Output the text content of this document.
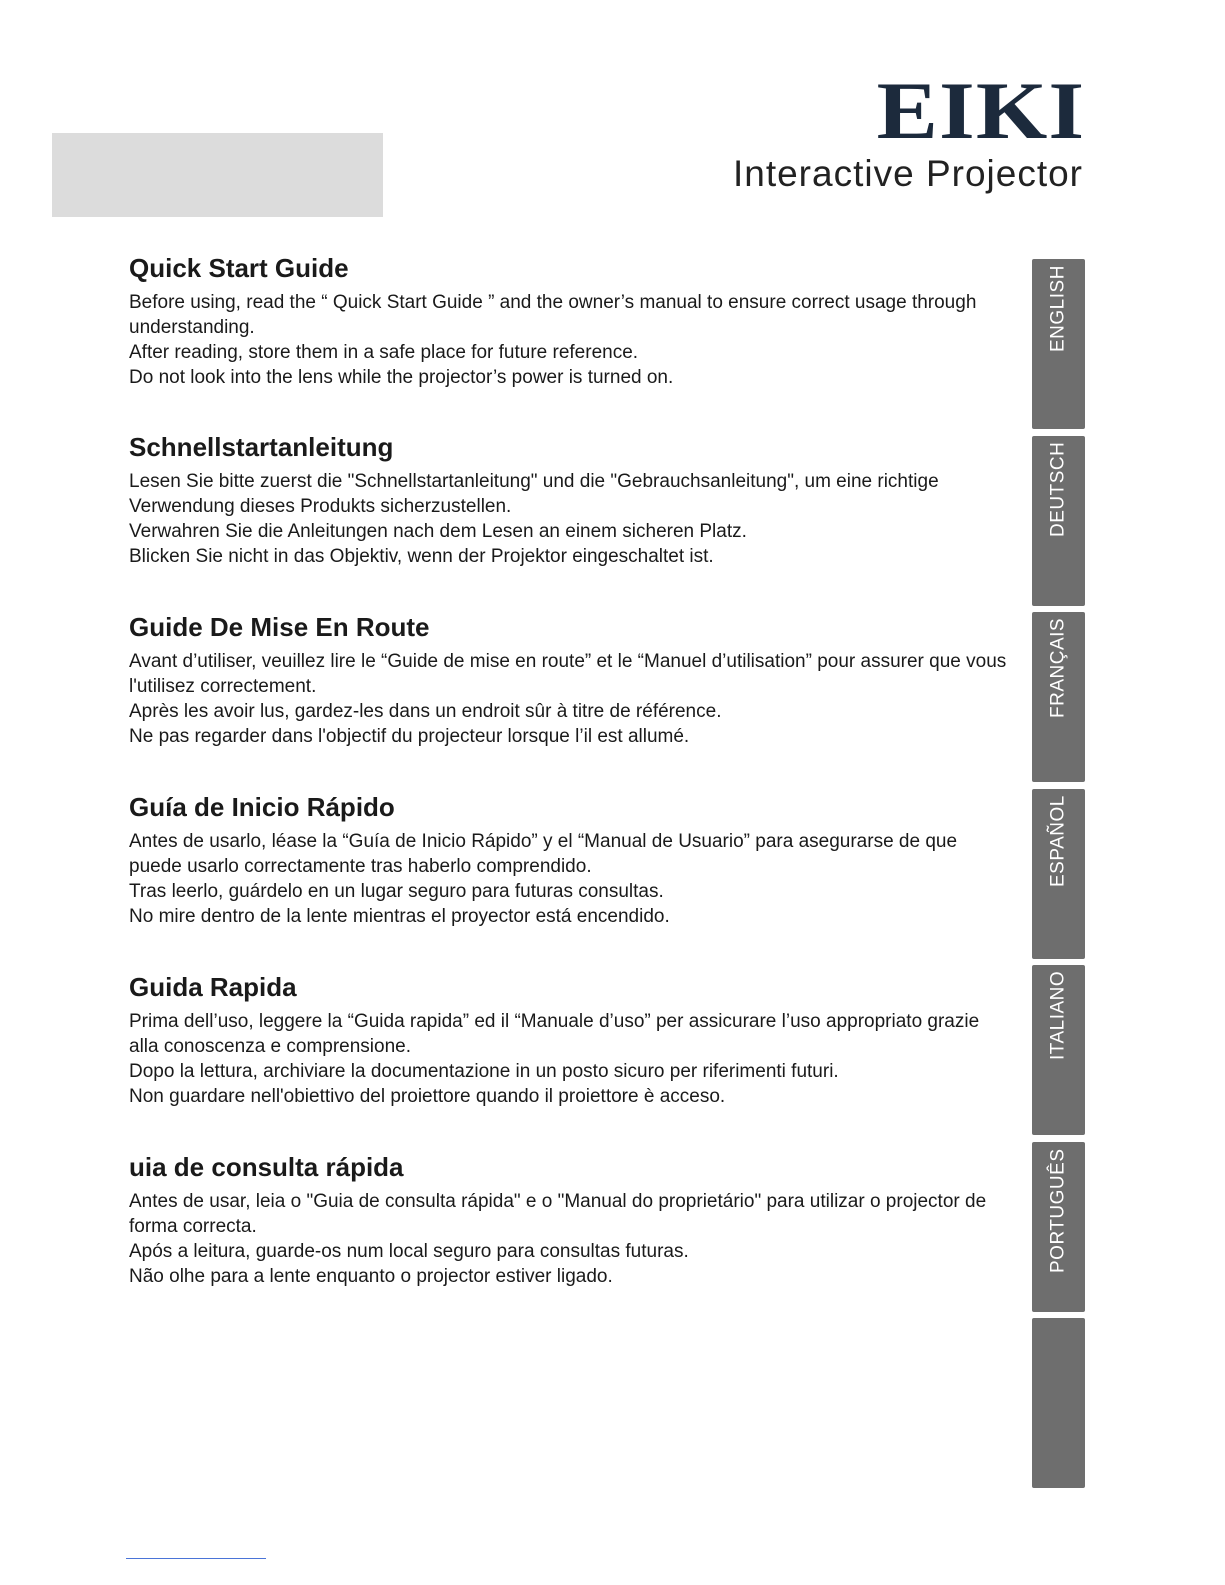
EIKI
Interactive Projector
Quick Start Guide

Before using, read the “ Quick Start Guide ” and the owner’s manual to ensure correct usage through understanding.

After reading, store them in a safe place for future reference.

Do not look into the lens while the projector’s power is turned on.

Schnellstartanleitung

Lesen Sie bitte zuerst die "Schnellstartanleitung" und die "Gebrauchsanleitung", um eine richtige Verwendung dieses Produkts sicherzustellen.

Verwahren Sie die Anleitungen nach dem Lesen an einem sicheren Platz.

Blicken Sie nicht in das Objektiv, wenn der Projektor eingeschaltet ist.

Guide De Mise En Route

Avant d’utiliser, veuillez lire le “Guide de mise en route” et le “Manuel d’utilisation” pour assurer que vous l'utilisez correctement.

Après les avoir lus, gardez-les dans un endroit sûr à titre de référence.

Ne pas regarder dans l'objectif du projecteur lorsque l’il est allumé.

Guía de Inicio Rápido

Antes de usarlo, léase la “Guía de Inicio Rápido” y el “Manual de Usuario” para asegurarse de que puede usarlo correctamente tras haberlo comprendido.

Tras leerlo, guárdelo en un lugar seguro para futuras consultas.

No mire dentro de la lente mientras el proyector está encendido.

Guida Rapida

Prima dell’uso, leggere la “Guida rapida” ed il “Manuale d’uso” per assicurare l’uso appropriato grazie alla conoscenza e comprensione.

Dopo la lettura, archiviare la documentazione in un posto sicuro per riferimenti futuri.

Non guardare nell'obiettivo del proiettore quando il proiettore è acceso.

uia de consulta rápida

Antes de usar, leia o "Guia de consulta rápida" e o "Manual do proprietário" para utilizar o projector de forma correcta.

Após a leitura, guarde-os num local seguro para consultas futuras.

Não olhe para a lente enquanto o projector estiver ligado.

ENGLISH
DEUTSCH
FRANÇAIS
ESPAÑOL
ITALIANO
PORTUGUÊS
